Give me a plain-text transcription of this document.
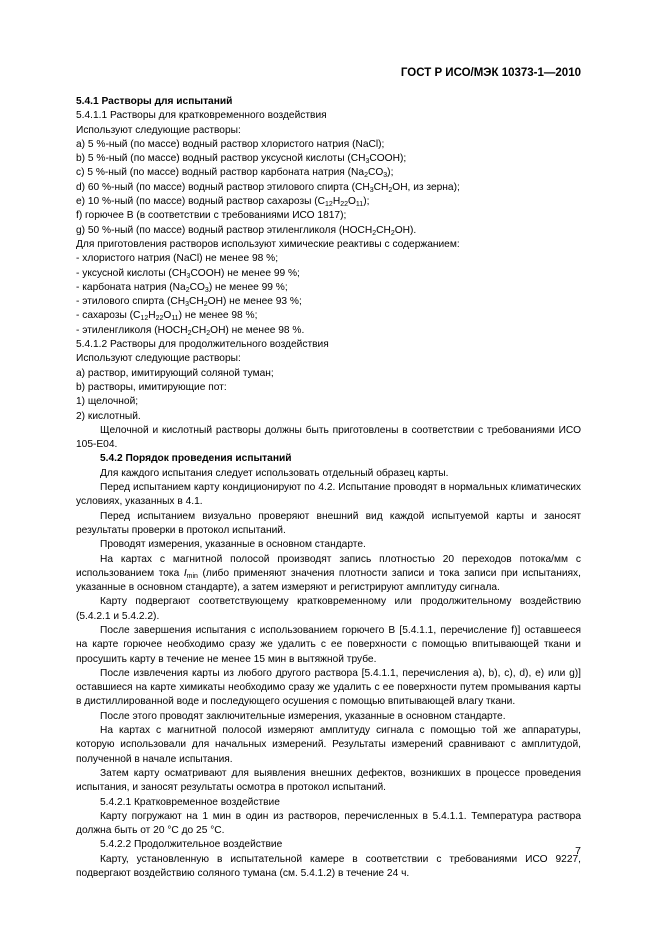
ГОСТ Р ИСО/МЭК 10373-1—2010

5.4.1 Растворы для испытаний

5.4.1.1 Растворы для кратковременного воздействия

Используют следующие растворы:

a) 5 %-ный (по массе) водный раствор хлористого натрия (NaCl);

b) 5 %-ный (по массе) водный раствор уксусной кислоты $(CH_3COOH)$;

c) 5 %-ный (по массе) водный раствор карбоната натрия $(Na_2CO_3)$;

d) 60 %-ный (по массе) водный раствор этилового спирта ($CH_3CH_2OH$, из зерна);

e) 10 %-ный (по массе) водный раствор сахарозы $(C_{12}H_{22}O_{11})$;

f) горючее B (в соответствии с требованиями ИСО 1817);

g) 50 %-ный (по массе) водный раствор этиленгликоля $(HOCH_2CH_2OH)$.

Для приготовления растворов используют химические реактивы с содержанием:

- хлористого натрия (NaCl) не менее 98 %;

- уксусной кислоты $(CH_3COOH)$ не менее 99 %;

- карбоната натрия $(Na_2CO_3)$ не менее 99 %;

- этилового спирта $(CH_3CH_2OH)$ не менее 93 %;

- сахарозы $(C_{12}H_{22}O_{11})$ не менее 98 %;

- этиленгликоля $(HOCH_2CH_2OH)$ не менее 98 %.

5.4.1.2 Растворы для продолжительного воздействия

Используют следующие растворы:

a) раствор, имитирующий соляной туман;

b) растворы, имитирующие пот:

1) щелочной;

2) кислотный.

Щелочной и кислотный растворы должны быть приготовлены в соответствии с требованиями ИСО 105-E04.

5.4.2 Порядок проведения испытаний

Для каждого испытания следует использовать отдельный образец карты.

Перед испытанием карту кондиционируют по 4.2. Испытание проводят в нормальных климатических условиях, указанных в 4.1.

Перед испытанием визуально проверяют внешний вид каждой испытуемой карты и заносят результаты проверки в протокол испытаний.

Проводят измерения, указанные в основном стандарте.

На картах с магнитной полосой производят запись плотностью 20 переходов потока/мм с использованием тока $I_{min}$ (либо применяют значения плотности записи и тока записи при испытаниях, указанные в основном стандарте), а затем измеряют и регистрируют амплитуду сигнала.

Карту подвергают соответствующему кратковременному или продолжительному воздействию (5.4.2.1 и 5.4.2.2).

После завершения испытания с использованием горючего B [5.4.1.1, перечисление f)] оставшееся на карте горючее необходимо сразу же удалить с ее поверхности с помощью впитывающей ткани и просушить карту в течение не менее 15 мин в вытяжной трубе.

После извлечения карты из любого другого раствора [5.4.1.1, перечисления a), b), c), d), e) или g)] оставшиеся на карте химикаты необходимо сразу же удалить с ее поверхности путем промывания карты в дистиллированной воде и последующего осушения с помощью впитывающей влагу ткани.

После этого проводят заключительные измерения, указанные в основном стандарте.

На картах с магнитной полосой измеряют амплитуду сигнала с помощью той же аппаратуры, которую использовали для начальных измерений. Результаты измерений сравнивают с амплитудой, полученной в начале испытания.

Затем карту осматривают для выявления внешних дефектов, возникших в процессе проведения испытания, и заносят результаты осмотра в протокол испытаний.

5.4.2.1 Кратковременное воздействие

Карту погружают на 1 мин в один из растворов, перечисленных в 5.4.1.1. Температура раствора должна быть от 20 °C до 25 °C.

5.4.2.2 Продолжительное воздействие

Карту, установленную в испытательной камере в соответствии с требованиями ИСО 9227, подвергают воздействию соляного тумана (см. 5.4.1.2) в течение 24 ч.

7
